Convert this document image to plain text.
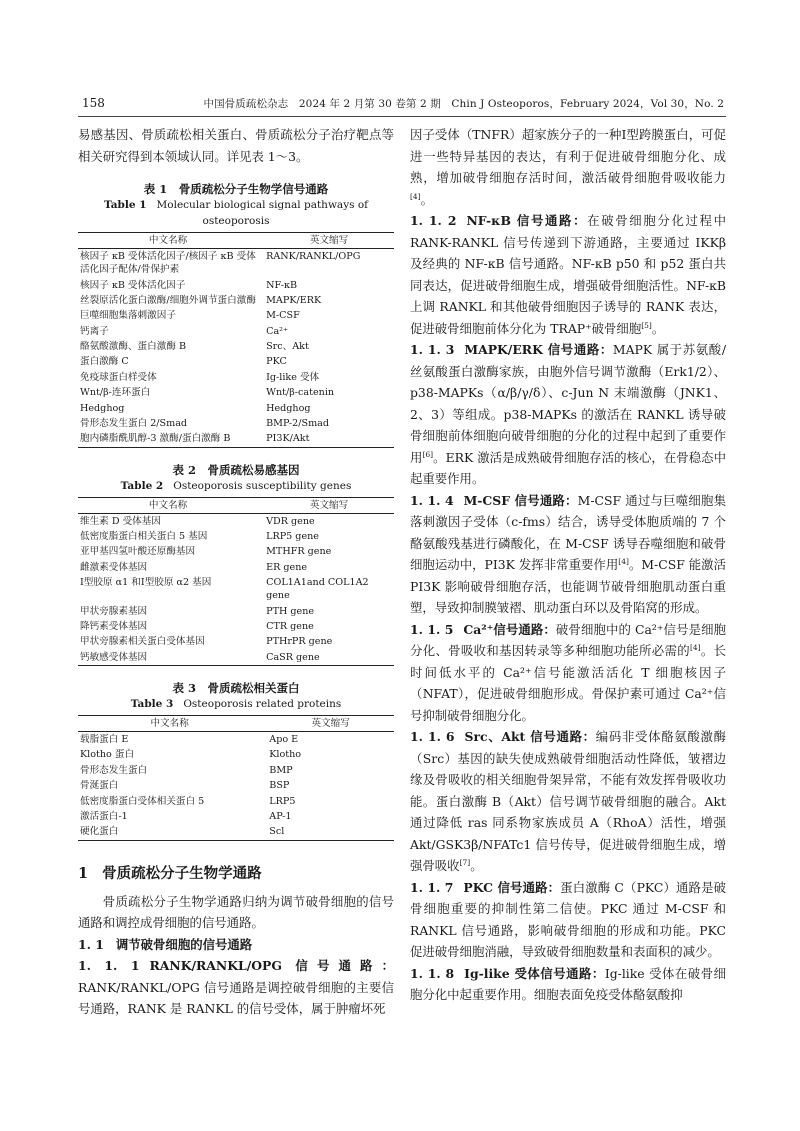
158	中国骨质疏松杂志　2024 年 2 月第 30 卷第 2 期　Chin J Osteoporos，February 2024，Vol 30，No. 2

易感基因、骨质疏松相关蛋白、骨质疏松分子治疗靶点等相关研究得到本领域认同。详见表 1～3。

表 1　骨质疏松分子生物学信号通路
Table 1 Molecular biological signal pathways of osteoporosis
中文名称	英文缩写
核因子 κB 受体活化因子/核因子 κB 受体活化因子配体/骨保护素	RANK/RANKL/OPG
核因子 κB 受体活化因子	NF-κB
丝裂原活化蛋白激酶/细胞外调节蛋白激酶	MAPK/ERK
巨噬细胞集落刺激因子	M-CSF
钙离子	Ca²⁺
酪氨酸激酶、蛋白激酶 B	Src、Akt
蛋白激酶 C	PKC
免疫球蛋白样受体	Ig-like 受体
Wnt/β-连环蛋白	Wnt/β-catenin
Hedghog	Hedghog
骨形态发生蛋白 2/Smad	BMP-2/Smad
胞内磷脂酰肌醇-3 激酶/蛋白激酶 B	PI3K/Akt
表 2　骨质疏松易感基因
Table 2 Osteoporosis susceptibility genes
中文名称	英文缩写
维生素 D 受体基因	VDR gene
低密度脂蛋白相关蛋白 5 基因	LRP5 gene
亚甲基四氢叶酸还原酶基因	MTHFR gene
雌激素受体基因	ER gene
Ⅰ型胶原 α1 和Ⅰ型胶原 α2 基因	COL1A1and COL1A2 gene
甲状旁腺素基因	PTH gene
降钙素受体基因	CTR gene
甲状旁腺素相关蛋白受体基因	PTHrPR gene
钙敏感受体基因	CaSR gene
表 3　骨质疏松相关蛋白
Table 3 Osteoporosis related proteins
中文名称	英文缩写
载脂蛋白 E	Apo E
Klotho 蛋白	Klotho
骨形态发生蛋白	BMP
骨涎蛋白	BSP
低密度脂蛋白受体相关蛋白 5	LRP5
激活蛋白-1	AP-1
硬化蛋白	Scl
1 骨质疏松分子生物学通路

骨质疏松分子生物学通路归纳为调节破骨细胞的信号通路和调控成骨细胞的信号通路。

1. 1 调节破骨细胞的信号通路

1. 1. 1 RANK/RANKL/OPG 信号通路：RANK/RANKL/OPG 信号通路是调控破骨细胞的主要信号通路，RANK 是 RANKL 的信号受体，属于肿瘤坏死

因子受体（TNFR）超家族分子的一种Ⅰ型跨膜蛋白，可促进一些特异基因的表达，有利于促进破骨细胞分化、成熟，增加破骨细胞存活时间，激活破骨细胞骨吸收能力[4]。

1. 1. 2 NF-κB 信号通路：在破骨细胞分化过程中 RANK-RANKL 信号传递到下游通路，主要通过 IKKβ 及经典的 NF-κB 信号通路。NF-κB p50 和 p52 蛋白共同表达，促进破骨细胞生成，增强破骨细胞活性。NF-κB 上调 RANKL 和其他破骨细胞因子诱导的 RANK 表达，促进破骨细胞前体分化为 TRAP⁺破骨细胞[5]。

1. 1. 3 MAPK/ERK 信号通路：MAPK 属于苏氨酸/丝氨酸蛋白激酶家族，由胞外信号调节激酶（Erk1/2）、p38-MAPKs（α/β/γ/δ）、c-Jun N 末端激酶（JNK1、2、3）等组成。p38-MAPKs 的激活在 RANKL 诱导破骨细胞前体细胞向破骨细胞的分化的过程中起到了重要作用[6]。ERK 激活是成熟破骨细胞存活的核心，在骨稳态中起重要作用。

1. 1. 4 M-CSF 信号通路：M-CSF 通过与巨噬细胞集落刺激因子受体（c-fms）结合，诱导受体胞质端的 7 个酪氨酸残基进行磷酸化，在 M-CSF 诱导吞噬细胞和破骨细胞运动中，PI3K 发挥非常重要作用[4]。M-CSF 能激活 PI3K 影响破骨细胞存活，也能调节破骨细胞肌动蛋白重塑，导致抑制膜皱褶、肌动蛋白环以及骨陷窝的形成。

1. 1. 5 Ca²⁺信号通路：破骨细胞中的 Ca²⁺信号是细胞分化、骨吸收和基因转录等多种细胞功能所必需的[4]。长时间低水平的 Ca²⁺信号能激活活化 T 细胞核因子（NFAT），促进破骨细胞形成。骨保护素可通过 Ca²⁺信号抑制破骨细胞分化。

1. 1. 6 Src、Akt 信号通路：编码非受体酪氨酸激酶（Src）基因的缺失使成熟破骨细胞活动性降低，皱褶边缘及骨吸收的相关细胞骨架异常，不能有效发挥骨吸收功能。蛋白激酶 B（Akt）信号调节破骨细胞的融合。Akt 通过降低 ras 同系物家族成员 A（RhoA）活性，增强 Akt/GSK3β/NFATc1 信号传导，促进破骨细胞生成，增强骨吸收[7]。

1. 1. 7 PKC 信号通路：蛋白激酶 C（PKC）通路是破骨细胞重要的抑制性第二信使。PKC 通过 M-CSF 和 RANKL 信号通路，影响破骨细胞的形成和功能。PKC 促进破骨细胞消融，导致破骨细胞数量和表面积的减少。

1. 1. 8 Ig-like 受体信号通路：Ig-like 受体在破骨细胞分化中起重要作用。细胞表面免疫受体酪氨酸抑
